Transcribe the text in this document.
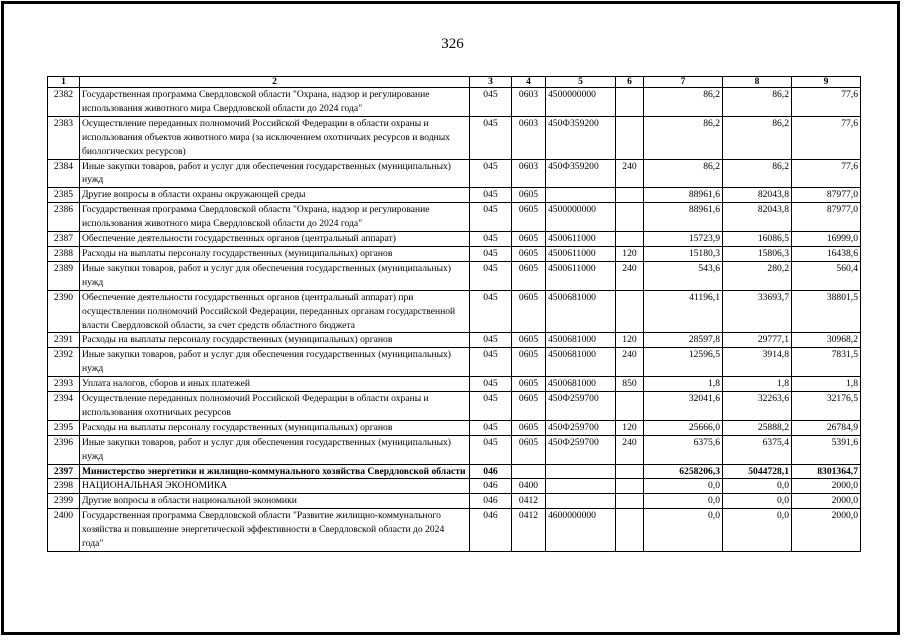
326
1	2	3	4	5	6	7	8	9
2382	Государственная программа Свердловской области "Охрана, надзор и регулирование использования животного мира Свердловской области до 2024 года"	045	0603	4500000000		86,2	86,2	77,6
2383	Осуществление переданных полномочий Российской Федерации в области охраны и использования объектов животного мира (за исключением охотничьих ресурсов и водных биологических ресурсов)	045	0603	450Ф359200		86,2	86,2	77,6
2384	Иные закупки товаров, работ и услуг для обеспечения государственных (муниципальных) нужд	045	0603	450Ф359200	240	86,2	86,2	77,6
2385	Другие вопросы в области охраны окружающей среды	045	0605			88961,6	82043,8	87977,0
2386	Государственная программа Свердловской области "Охрана, надзор и регулирование использования животного мира Свердловской области до 2024 года"	045	0605	4500000000		88961,6	82043,8	87977,0
2387	Обеспечение деятельности государственных органов (центральный аппарат)	045	0605	4500611000		15723,9	16086,5	16999,0
2388	Расходы на выплаты персоналу государственных (муниципальных) органов	045	0605	4500611000	120	15180,3	15806,3	16438,6
2389	Иные закупки товаров, работ и услуг для обеспечения государственных (муниципальных) нужд	045	0605	4500611000	240	543,6	280,2	560,4
2390	Обеспечение деятельности государственных органов (центральный аппарат) при осуществлении полномочий Российской Федерации, переданных органам государственной власти Свердловской области, за счет средств областного бюджета	045	0605	4500681000		41196,1	33693,7	38801,5
2391	Расходы на выплаты персоналу государственных (муниципальных) органов	045	0605	4500681000	120	28597,8	29777,1	30968,2
2392	Иные закупки товаров, работ и услуг для обеспечения государственных (муниципальных) нужд	045	0605	4500681000	240	12596,5	3914,8	7831,5
2393	Уплата налогов, сборов и иных платежей	045	0605	4500681000	850	1,8	1,8	1,8
2394	Осуществление переданных полномочий Российской Федерации в области охраны и использования охотничьих ресурсов	045	0605	450Ф259700		32041,6	32263,6	32176,5
2395	Расходы на выплаты персоналу государственных (муниципальных) органов	045	0605	450Ф259700	120	25666,0	25888,2	26784,9
2396	Иные закупки товаров, работ и услуг для обеспечения государственных (муниципальных) нужд	045	0605	450Ф259700	240	6375,6	6375,4	5391,6
2397	Министерство энергетики и жилищно-коммунального хозяйства Свердловской области	046				6258206,3	5044728,1	8301364,7
2398	НАЦИОНАЛЬНАЯ ЭКОНОМИКА	046	0400			0,0	0,0	2000,0
2399	Другие вопросы в области национальной экономики	046	0412			0,0	0,0	2000,0
2400	Государственная программа Свердловской области "Развитие жилищно-коммунального хозяйства и повышение энергетической эффективности в Свердловской области до 2024 года"	046	0412	4600000000		0,0	0,0	2000,0
